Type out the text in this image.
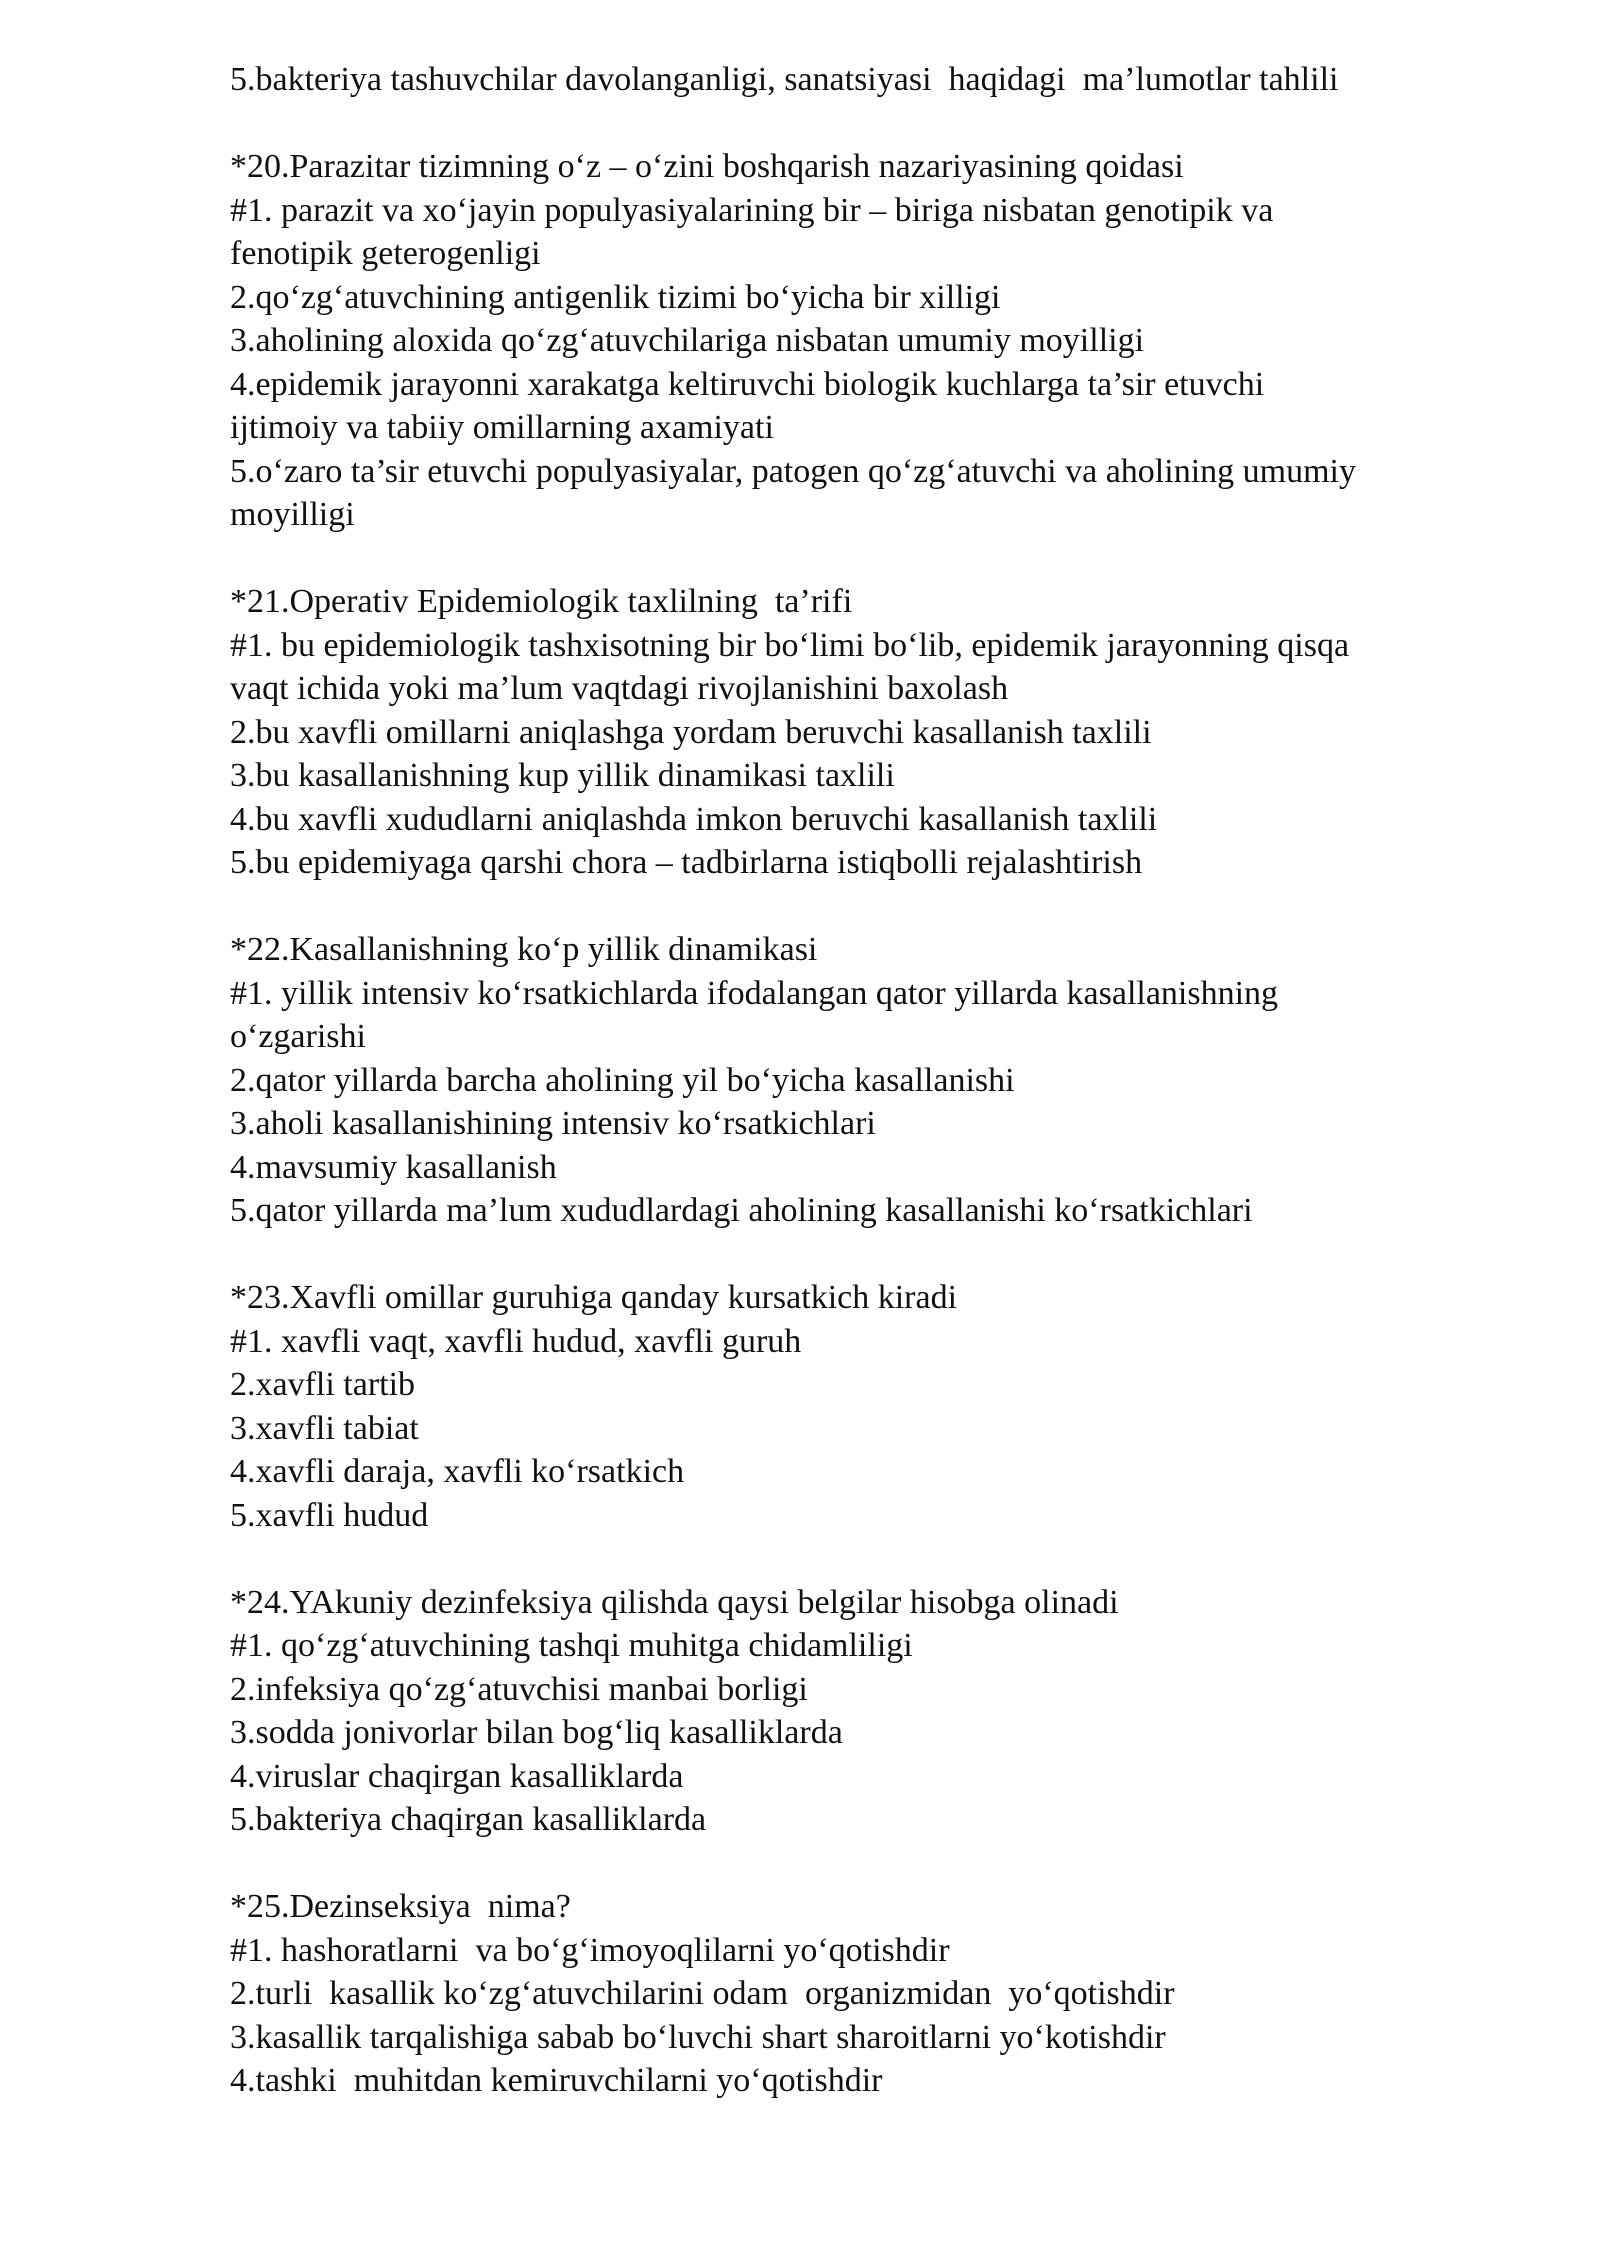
5.bakteriya tashuvchilar davolanganligi, sanatsiyasi  haqidagi  ma’lumotlar tahlili

*20.Parazitar tizimning o‘z – o‘zini boshqarish nazariyasining qoidasi

#1. parazit va xo‘jayin populyasiyalarining bir – biriga nisbatan genotipik va

fenotipik geterogenligi

2.qo‘zg‘atuvchining antigenlik tizimi bo‘yicha bir xilligi

3.aholining aloxida qo‘zg‘atuvchilariga nisbatan umumiy moyilligi

4.epidemik jarayonni xarakatga keltiruvchi biologik kuchlarga ta’sir etuvchi

ijtimoiy va tabiiy omillarning axamiyati

5.o‘zaro ta’sir etuvchi populyasiyalar, patogen qo‘zg‘atuvchi va aholining umumiy

moyilligi

*21.Operativ Epidemiologik taxlilning  ta’rifi

#1. bu epidemiologik tashxisotning bir bo‘limi bo‘lib, epidemik jarayonning qisqa

vaqt ichida yoki ma’lum vaqtdagi rivojlanishini baxolash

2.bu xavfli omillarni aniqlashga yordam beruvchi kasallanish taxlili

3.bu kasallanishning kup yillik dinamikasi taxlili

4.bu xavfli xududlarni aniqlashda imkon beruvchi kasallanish taxlili

5.bu epidemiyaga qarshi chora – tadbirlarna istiqbolli rejalashtirish

*22.Kasallanishning ko‘p yillik dinamikasi

#1. yillik intensiv ko‘rsatkichlarda ifodalangan qator yillarda kasallanishning

o‘zgarishi

2.qator yillarda barcha aholining yil bo‘yicha kasallanishi

3.aholi kasallanishining intensiv ko‘rsatkichlari

4.mavsumiy kasallanish

5.qator yillarda ma’lum xududlardagi aholining kasallanishi ko‘rsatkichlari

*23.Xavfli omillar guruhiga qanday kursatkich kiradi

#1. xavfli vaqt, xavfli hudud, xavfli guruh

2.xavfli tartib

3.xavfli tabiat

4.xavfli daraja, xavfli ko‘rsatkich

5.xavfli hudud

*24.YAkuniy dezinfeksiya qilishda qaysi belgilar hisobga olinadi

#1. qo‘zg‘atuvchining tashqi muhitga chidamliligi

2.infeksiya qo‘zg‘atuvchisi manbai borligi

3.sodda jonivorlar bilan bog‘liq kasalliklarda

4.viruslar chaqirgan kasalliklarda

5.bakteriya chaqirgan kasalliklarda

*25.Dezinseksiya  nima?

#1. hashoratlarni  va bo‘g‘imoyoqlilarni yo‘qotishdir

2.turli  kasallik ko‘zg‘atuvchilarini odam  organizmidan  yo‘qotishdir

3.kasallik tarqalishiga sabab bo‘luvchi shart sharoitlarni yo‘kotishdir

4.tashki  muhitdan kemiruvchilarni yo‘qotishdir
